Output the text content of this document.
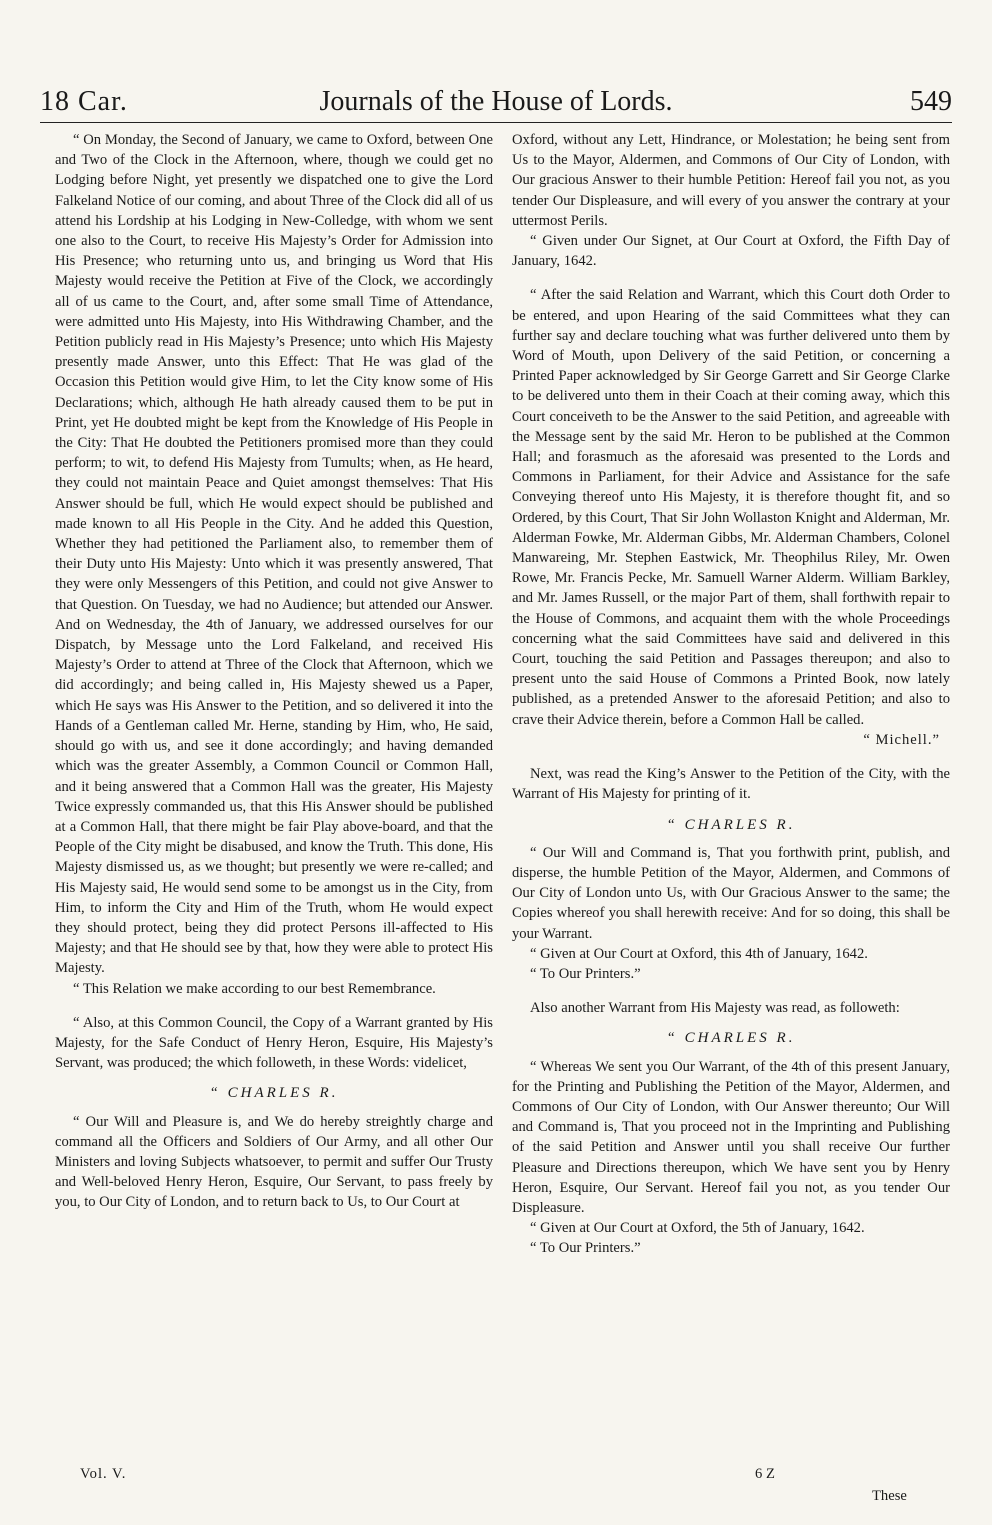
18 Car.	Journals of the House of Lords.	549

“ On Monday, the Second of January, we came to Oxford, between One and Two of the Clock in the Afternoon, where, though we could get no Lodging before Night, yet presently we dispatched one to give the Lord Falkeland Notice of our coming, and about Three of the Clock did all of us attend his Lordship at his Lodging in New-Colledge, with whom we sent one also to the Court, to receive His Majesty’s Order for Admission into His Presence; who returning unto us, and bringing us Word that His Majesty would receive the Petition at Five of the Clock, we accordingly all of us came to the Court, and, after some small Time of Attendance, were admitted unto His Majesty, into His Withdrawing Chamber, and the Petition publicly read in His Majesty’s Presence; unto which His Majesty presently made Answer, unto this Effect: That He was glad of the Occasion this Petition would give Him, to let the City know some of His Declarations; which, although He hath already caused them to be put in Print, yet He doubted might be kept from the Knowledge of His People in the City: That He doubted the Petitioners promised more than they could perform; to wit, to defend His Majesty from Tumults; when, as He heard, they could not maintain Peace and Quiet amongst themselves: That His Answer should be full, which He would expect should be published and made known to all His People in the City. And he added this Question, Whether they had petitioned the Parliament also, to remember them of their Duty unto His Majesty: Unto which it was presently answered, That they were only Messengers of this Petition, and could not give Answer to that Question. On Tuesday, we had no Audience; but attended our Answer. And on Wednesday, the 4th of January, we addressed ourselves for our Dispatch, by Message unto the Lord Falkeland, and received His Majesty’s Order to attend at Three of the Clock that Afternoon, which we did accordingly; and being called in, His Majesty shewed us a Paper, which He says was His Answer to the Petition, and so delivered it into the Hands of a Gentleman called Mr. Herne, standing by Him, who, He said, should go with us, and see it done accordingly; and having demanded which was the greater Assembly, a Common Council or Common Hall, and it being answered that a Common Hall was the greater, His Majesty Twice expressly commanded us, that this His Answer should be published at a Common Hall, that there might be fair Play above-board, and that the People of the City might be disabused, and know the Truth. This done, His Majesty dismissed us, as we thought; but presently we were re-called; and His Majesty said, He would send some to be amongst us in the City, from Him, to inform the City and Him of the Truth, whom He would expect they should protect, being they did protect Persons ill-affected to His Majesty; and that He should see by that, how they were able to protect His Majesty.

“ This Relation we make according to our best Remembrance.

“ Also, at this Common Council, the Copy of a Warrant granted by His Majesty, for the Safe Conduct of Henry Heron, Esquire, His Majesty’s Servant, was produced; the which followeth, in these Words: videlicet,

“ CHARLES R.

“ Our Will and Pleasure is, and We do hereby streightly charge and command all the Officers and Soldiers of Our Army, and all other Our Ministers and loving Subjects whatsoever, to permit and suffer Our Trusty and Well-beloved Henry Heron, Esquire, Our Servant, to pass freely by you, to Our City of London, and to return back to Us, to Our Court at

Oxford, without any Lett, Hindrance, or Molestation; he being sent from Us to the Mayor, Aldermen, and Commons of Our City of London, with Our gracious Answer to their humble Petition: Hereof fail you not, as you tender Our Displeasure, and will every of you answer the contrary at your uttermost Perils.

“ Given under Our Signet, at Our Court at Oxford, the Fifth Day of January, 1642.

“ After the said Relation and Warrant, which this Court doth Order to be entered, and upon Hearing of the said Committees what they can further say and declare touching what was further delivered unto them by Word of Mouth, upon Delivery of the said Petition, or concerning a Printed Paper acknowledged by Sir George Garrett and Sir George Clarke to be delivered unto them in their Coach at their coming away, which this Court conceiveth to be the Answer to the said Petition, and agreeable with the Message sent by the said Mr. Heron to be published at the Common Hall; and forasmuch as the aforesaid was presented to the Lords and Commons in Parliament, for their Advice and Assistance for the safe Conveying thereof unto His Majesty, it is therefore thought fit, and so Ordered, by this Court, That Sir John Wollaston Knight and Alderman, Mr. Alderman Fowke, Mr. Alderman Gibbs, Mr. Alderman Chambers, Colonel Manwareing, Mr. Stephen Eastwick, Mr. Theophilus Riley, Mr. Owen Rowe, Mr. Francis Pecke, Mr. Samuell Warner Alderm. William Barkley, and Mr. James Russell, or the major Part of them, shall forthwith repair to the House of Commons, and acquaint them with the whole Proceedings concerning what the said Committees have said and delivered in this Court, touching the said Petition and Passages thereupon; and also to present unto the said House of Commons a Printed Book, now lately published, as a pretended Answer to the aforesaid Petition; and also to crave their Advice therein, before a Common Hall be called.

“ Michell.”

Next, was read the King’s Answer to the Petition of the City, with the Warrant of His Majesty for printing of it.

“ CHARLES R.

“ Our Will and Command is, That you forthwith print, publish, and disperse, the humble Petition of the Mayor, Aldermen, and Commons of Our City of London unto Us, with Our Gracious Answer to the same; the Copies whereof you shall herewith receive: And for so doing, this shall be your Warrant.

“ Given at Our Court at Oxford, this 4th of January, 1642.

“ To Our Printers.”

Also another Warrant from His Majesty was read, as followeth:

“ CHARLES R.

“ Whereas We sent you Our Warrant, of the 4th of this present January, for the Printing and Publishing the Petition of the Mayor, Aldermen, and Commons of Our City of London, with Our Answer thereunto; Our Will and Command is, That you proceed not in the Imprinting and Publishing of the said Petition and Answer until you shall receive Our further Pleasure and Directions thereupon, which We have sent you by Henry Heron, Esquire, Our Servant. Hereof fail you not, as you tender Our Displeasure.

“ Given at Our Court at Oxford, the 5th of January, 1642.

“ To Our Printers.”

Vol. V.	6 Z
These
